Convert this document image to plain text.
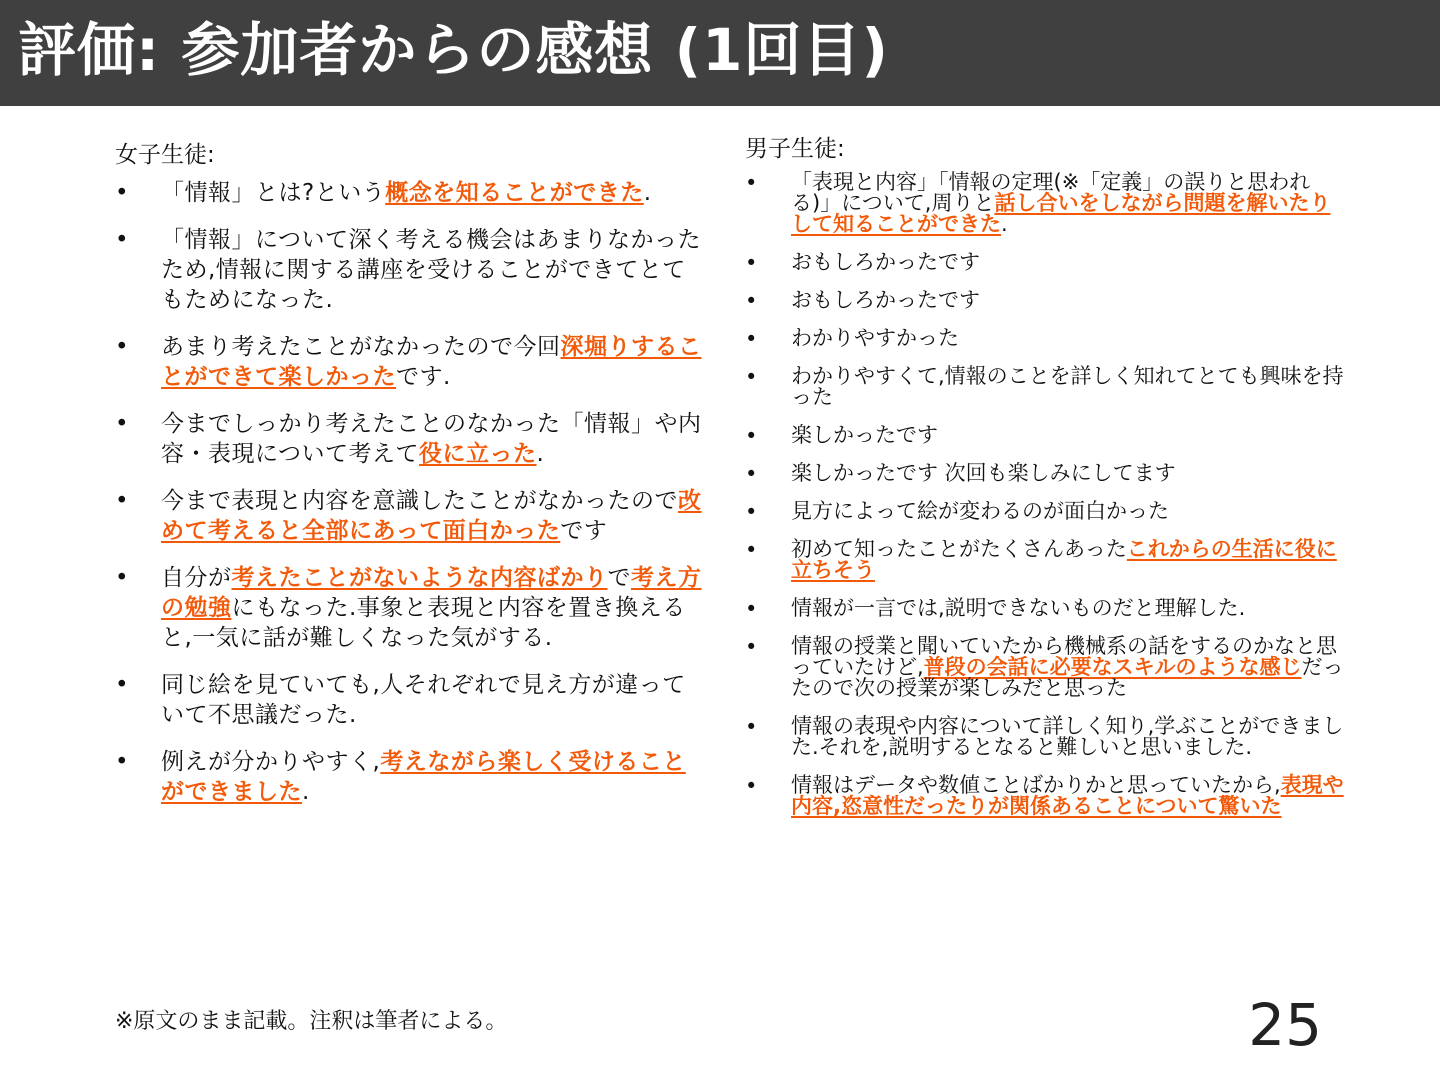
評価: 参加者からの感想 (1回目)
女子生徒:
• 「情報」とは?という概念を知ることができた.
• 「情報」について深く考える機会はあまりなかったため,情報に関する講座を受けることができてとてもためになった.
• あまり考えたことがなかったので今回深堀りすることができて楽しかったです.
• 今までしっかり考えたことのなかった「情報」や内容・表現について考えて役に立った.
• 今まで表現と内容を意識したことがなかったので改めて考えると全部にあって面白かったです
• 自分が考えたことがないような内容ばかりで考え方の勉強にもなった.事象と表現と内容を置き換えると,一気に話が難しくなった気がする.
• 同じ絵を見ていても,人それぞれで見え方が違っていて不思議だった.
• 例えが分かりやすく,考えながら楽しく受けることができました.
男子生徒:
• 「表現と内容」「情報の定理(※「定義」の誤りと思われる)」について,周りと話し合いをしながら問題を解いたりして知ることができた.
• おもしろかったです
• おもしろかったです
• わかりやすかった
• わかりやすくて,情報のことを詳しく知れてとても興味を持った
• 楽しかったです
• 楽しかったです 次回も楽しみにしてます
• 見方によって絵が変わるのが面白かった
• 初めて知ったことがたくさんあったこれからの生活に役に立ちそう
• 情報が一言では,説明できないものだと理解した.
• 情報の授業と聞いていたから機械系の話をするのかなと思っていたけど,普段の会話に必要なスキルのような感じだったので次の授業が楽しみだと思った
• 情報の表現や内容について詳しく知り,学ぶことができました.それを,説明するとなると難しいと思いました.
• 情報はデータや数値ことばかりかと思っていたから,表現や内容,恣意性だったりが関係あることについて驚いた
※原文のまま記載。注釈は筆者による。	25
